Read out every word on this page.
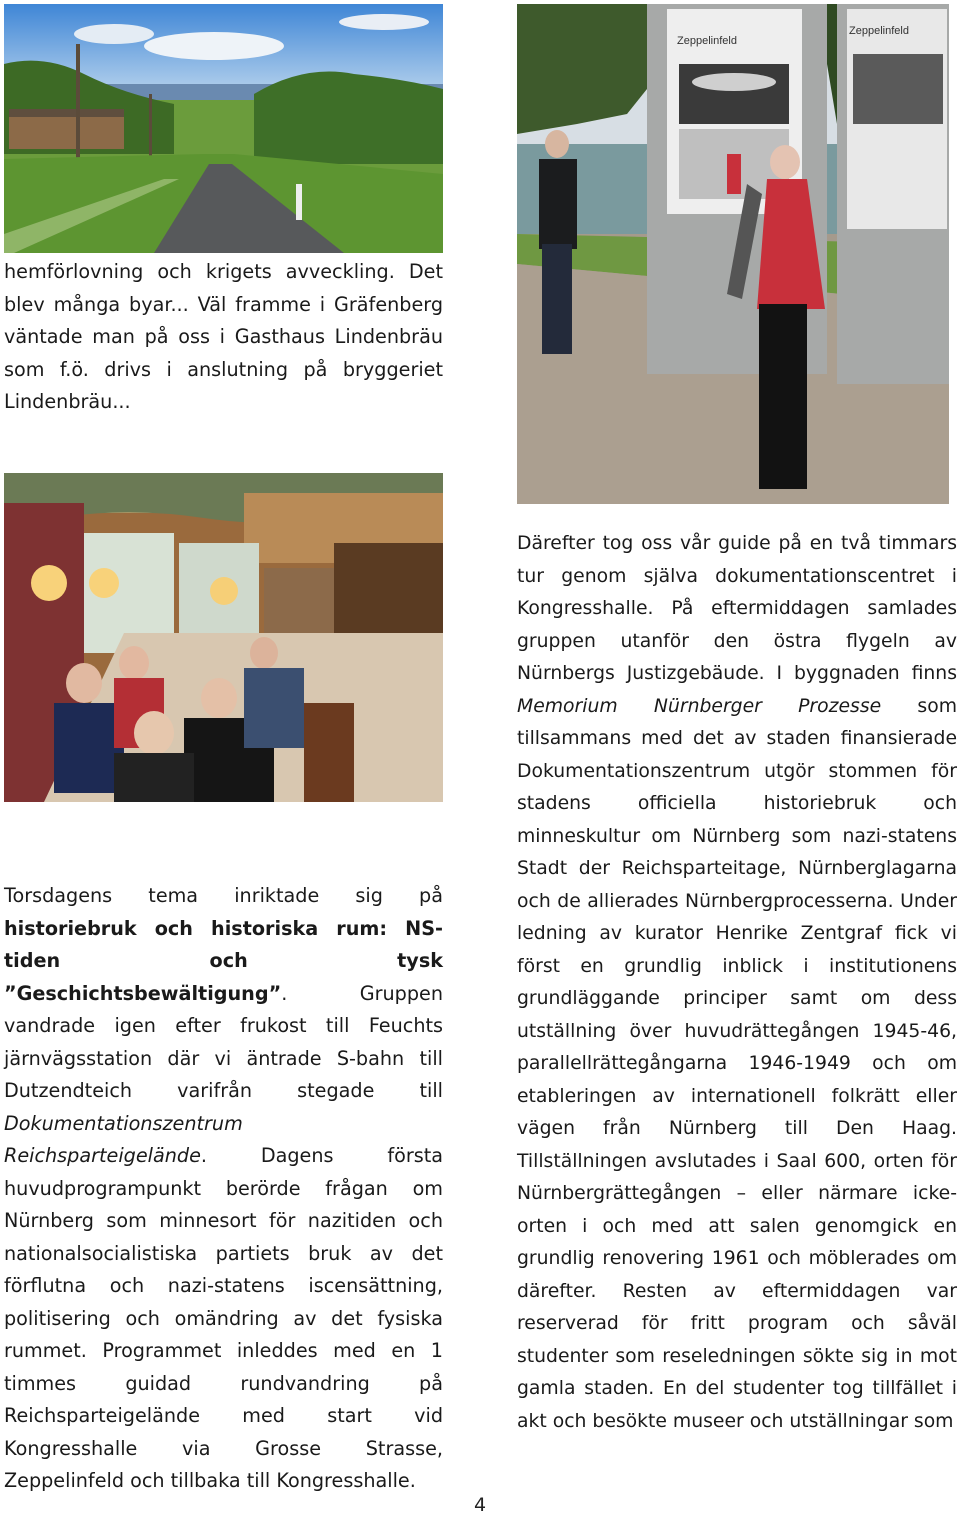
Zeppelinfeld
Zeppelinfeld

hemförlovning och krigets avveckling. Det blev många byar... Väl framme i Gräfenberg väntade man på oss i Gasthaus Lindenbräu som f.ö. drivs i anslutning på bryggeriet Lindenbräu...

Torsdagens tema inriktade sig på historiebruk och historiska rum: NS-tiden och tysk ”Geschichtsbewältigung”. Gruppen vandrade igen efter frukost till Feuchts järnvägsstation där vi äntrade S-bahn till Dutzendteich varifrån stegade till Dokumentationszentrum Reichsparteigelände. Dagens första huvudprogrampunkt berörde frågan om Nürnberg som minnesort för nazitiden och nationalsocialistiska partiets bruk av det förflutna och nazi-statens iscensättning, politisering och omändring av det fysiska rummet. Programmet inleddes med en 1 timmes guidad rundvandring på Reichsparteigelände med start vid Kongresshalle via Grosse Strasse, Zeppelinfeld och tillbaka till Kongresshalle.

Därefter tog oss vår guide på en två timmars tur genom själva dokumentationscentret i Kongresshalle. På eftermiddagen samlades gruppen utanför den östra flygeln av Nürnbergs Justizgebäude. I byggnaden finns Memorium Nürnberger Prozesse som tillsammans med det av staden finansierade Dokumentationszentrum utgör stommen för stadens officiella historiebruk och minneskultur om Nürnberg som nazi-statens Stadt der Reichsparteitage, Nürnberglagarna och de allierades Nürnbergprocesserna. Under ledning av kurator Henrike Zentgraf fick vi först en grundlig inblick i institutionens grundläggande principer samt om dess utställning över huvudrättegången 1945-46, parallellrättegångarna 1946-1949 och om etableringen av internationell folkrätt eller vägen från Nürnberg till Den Haag. Tillställningen avslutades i Saal 600, orten för Nürnbergrättegången – eller närmare icke-orten i och med att salen genomgick en grundlig renovering 1961 och möblerades om därefter. Resten av eftermiddagen var reserverad för fritt program och såväl studenter som reseledningen sökte sig in mot gamla staden. En del studenter tog tillfället i akt och besökte museer och utställningar som

4
